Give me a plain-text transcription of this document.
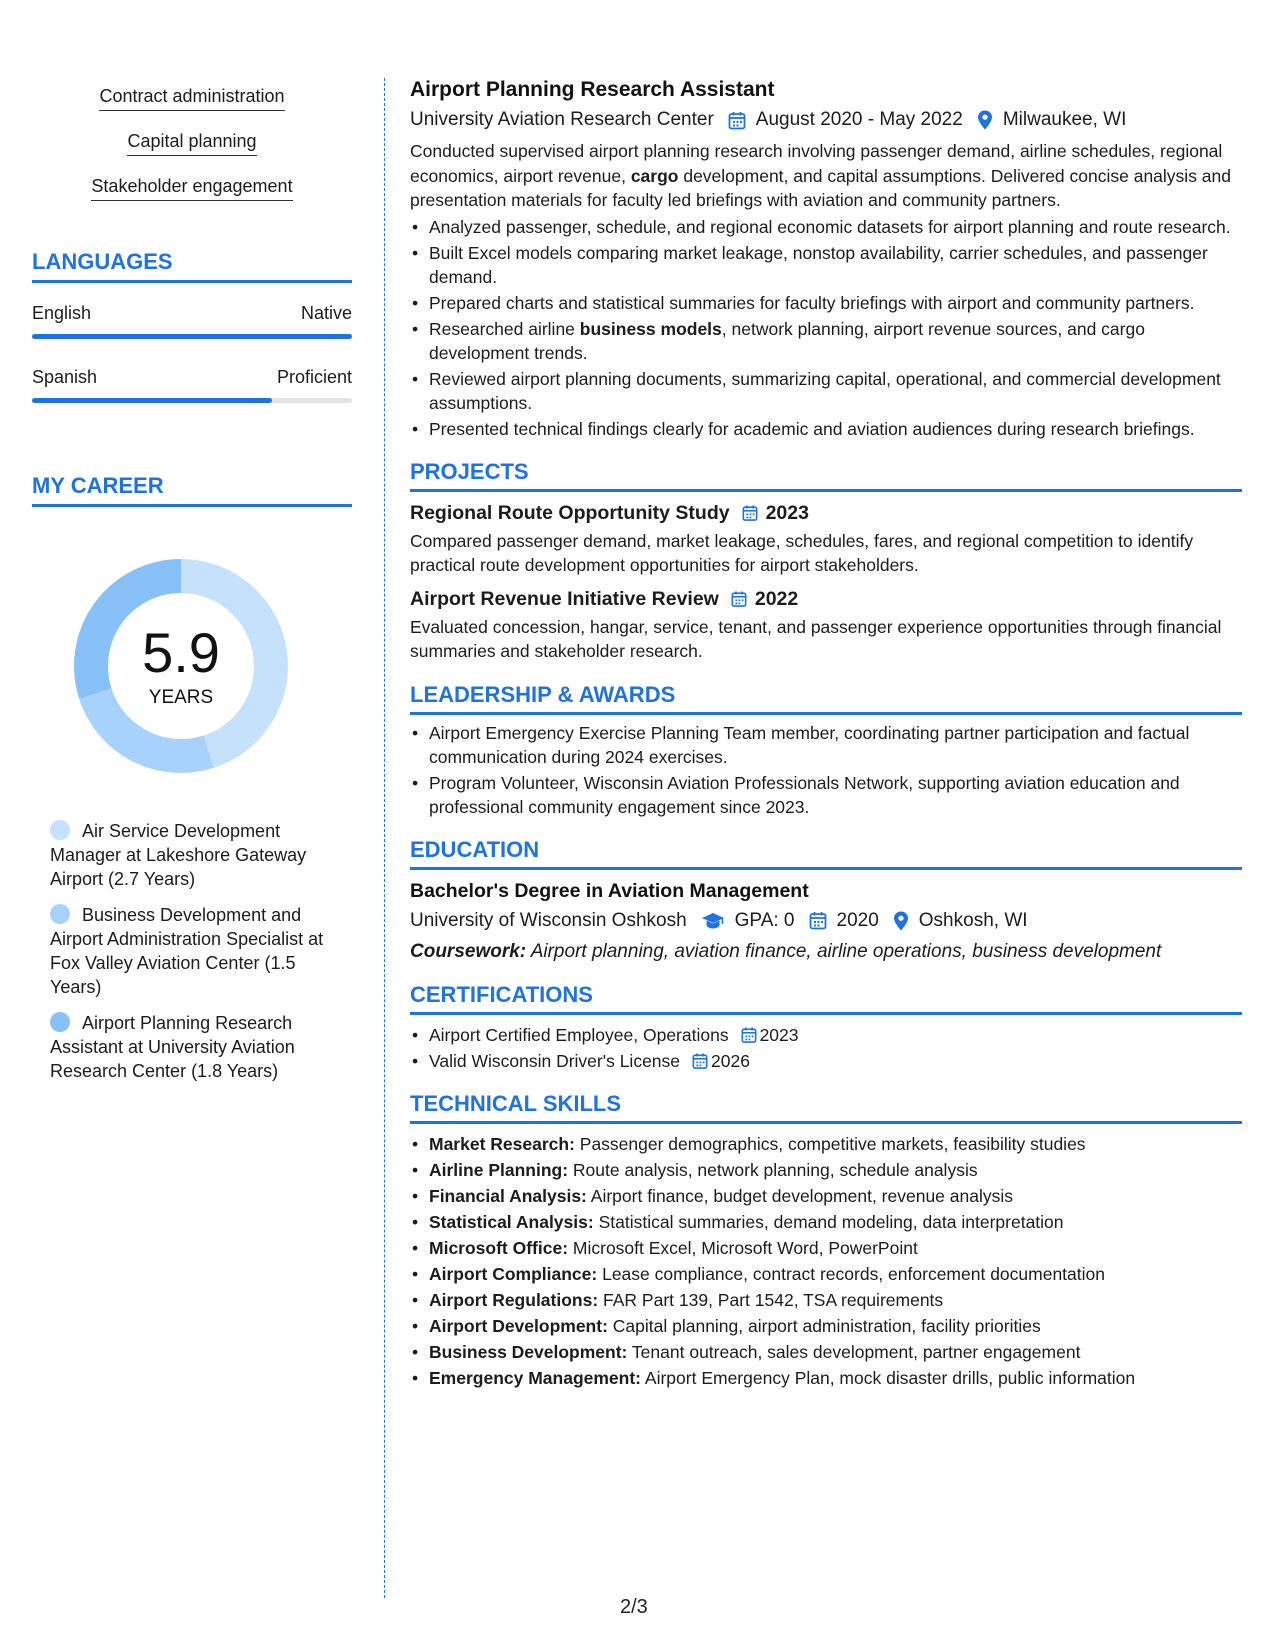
Contract administration
Capital planning
Stakeholder engagement
LANGUAGES
English	Native
Spanish	Proficient
MY CAREER
5.9
YEARS
Air Service Development Manager at Lakeshore Gateway Airport (2.7 Years)
Business Development and Airport Administration Specialist at Fox Valley Aviation Center (1.5 Years)
Airport Planning Research Assistant at University Aviation Research Center (1.8 Years)
Airport Planning Research Assistant
University Aviation Research Center August 2020 - May 2022 Milwaukee, WI

Conducted supervised airport planning research involving passenger demand, airline schedules, regional economics, airport revenue, cargo development, and capital assumptions. Delivered concise analysis and presentation materials for faculty led briefings with aviation and community partners.

• Analyzed passenger, schedule, and regional economic datasets for airport planning and route research.
• Built Excel models comparing market leakage, nonstop availability, carrier schedules, and passenger demand.
• Prepared charts and statistical summaries for faculty briefings with airport and community partners.
• Researched airline business models, network planning, airport revenue sources, and cargo development trends.
• Reviewed airport planning documents, summarizing capital, operational, and commercial development assumptions.
• Presented technical findings clearly for academic and aviation audiences during research briefings.
PROJECTS
Regional Route Opportunity Study 2023

Compared passenger demand, market leakage, schedules, fares, and regional competition to identify practical route development opportunities for airport stakeholders.

Airport Revenue Initiative Review 2022

Evaluated concession, hangar, service, tenant, and passenger experience opportunities through financial summaries and stakeholder research.

LEADERSHIP & AWARDS
• Airport Emergency Exercise Planning Team member, coordinating partner participation and factual communication during 2024 exercises.
• Program Volunteer, Wisconsin Aviation Professionals Network, supporting aviation education and professional community engagement since 2023.
EDUCATION
Bachelor's Degree in Aviation Management
University of Wisconsin Oshkosh	GPA: 0 2020 Oshkosh, WI

Coursework: Airport planning, aviation finance, airline operations, business development

CERTIFICATIONS
• Airport Certified Employee, Operations 2023
• Valid Wisconsin Driver's License 2026
TECHNICAL SKILLS
• Market Research: Passenger demographics, competitive markets, feasibility studies
• Airline Planning: Route analysis, network planning, schedule analysis
• Financial Analysis: Airport finance, budget development, revenue analysis
• Statistical Analysis: Statistical summaries, demand modeling, data interpretation
• Microsoft Office: Microsoft Excel, Microsoft Word, PowerPoint
• Airport Compliance: Lease compliance, contract records, enforcement documentation
• Airport Regulations: FAR Part 139, Part 1542, TSA requirements
• Airport Development: Capital planning, airport administration, facility priorities
• Business Development: Tenant outreach, sales development, partner engagement
• Emergency Management: Airport Emergency Plan, mock disaster drills, public information
2/3
